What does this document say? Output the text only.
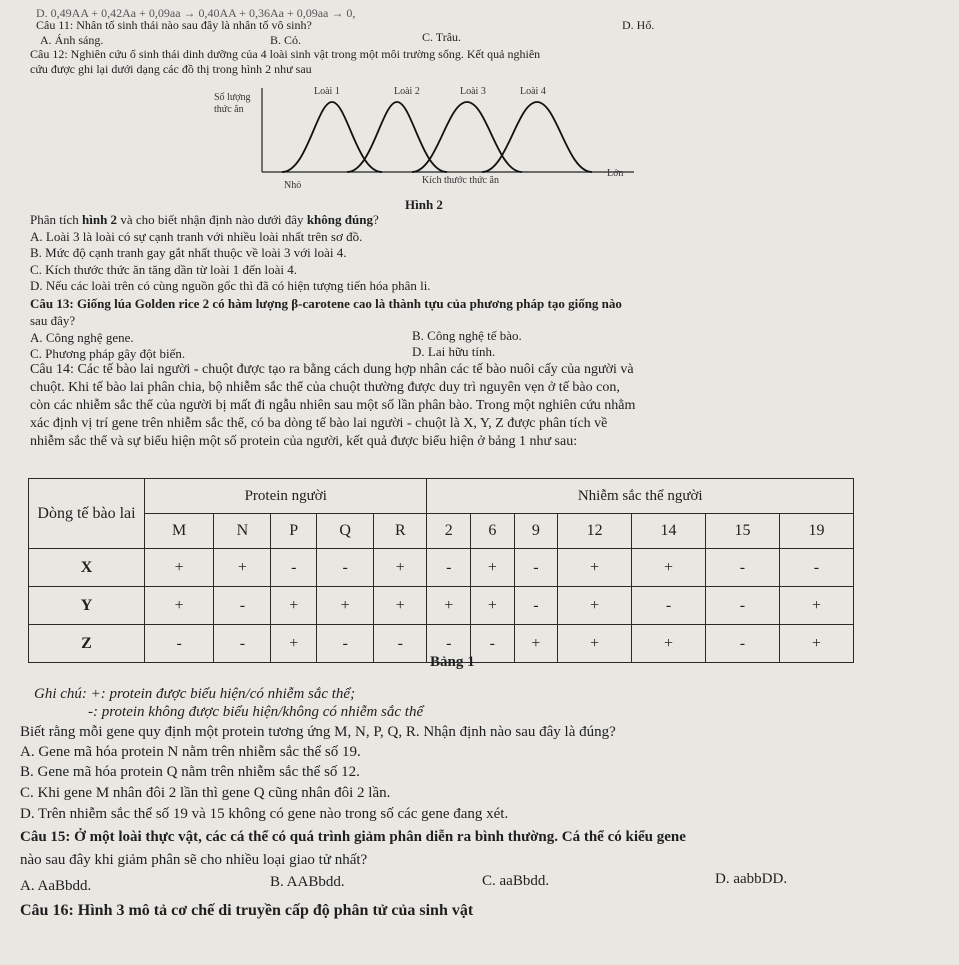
D. 0,49AA + 0,42Aa + 0,09aa → 0,40AA + 0,36Aa + 0,09aa → 0,
Câu 11: Nhân tố sinh thái nào sau đây là nhân tố vô sinh?	D. Hổ.
A. Ánh sáng.	B. Cỏ.	C. Trâu.
Câu 12: Nghiên cứu ổ sinh thái dinh dưỡng của 4 loài sinh vật trong một môi trường sống. Kết quả nghiên
cứu được ghi lại dưới dạng các đồ thị trong hình 2 như sau
Số lượng
thức ăn
Loài 1	Loài 2	Loài 3	Loài 4
Nhỏ	Kích thước thức ăn
Lớn
Hình 2
Phân tích hình 2 và cho biết nhận định nào dưới đây không đúng?
A. Loài 3 là loài có sự cạnh tranh với nhiều loài nhất trên sơ đồ.
B. Mức độ cạnh tranh gay gắt nhất thuộc về loài 3 với loài 4.
C. Kích thước thức ăn tăng dần từ loài 1 đến loài 4.
D. Nếu các loài trên có cùng nguồn gốc thì đã có hiện tượng tiến hóa phân li.
Câu 13: Giống lúa Golden rice 2 có hàm lượng β-carotene cao là thành tựu của phương pháp tạo giống nào
sau đây?
A. Công nghệ gene.	B. Công nghệ tế bào.
C. Phương pháp gây đột biến.	D. Lai hữu tính.
Câu 14: Các tế bào lai người - chuột được tạo ra bằng cách dung hợp nhân các tế bào nuôi cấy của người và
chuột. Khi tế bào lai phân chia, bộ nhiễm sắc thể của chuột thường được duy trì nguyên vẹn ở tế bào con,
còn các nhiễm sắc thể của người bị mất đi ngẫu nhiên sau một số lần phân bào. Trong một nghiên cứu nhằm
xác định vị trí gene trên nhiễm sắc thể, có ba dòng tế bào lai người - chuột là X, Y, Z được phân tích về
nhiễm sắc thể và sự biểu hiện một số protein của người, kết quả được biểu hiện ở bảng 1 như sau:
Dòng tế bào lai	Protein người					Nhiễm sắc thể người						
	M	N	P	Q	R	2	6	9	12	14	15	19
X	+	+	-	-	+	-	+	-	+	+	-	-
Y	+	-	+	+	+	+	+	-	+	-	-	+
Z	-	-	+	-	-	-	-	+	+	+	-	+
Bảng 1
Ghi chú: +: protein được biểu hiện/có nhiễm sắc thể;
-: protein không được biểu hiện/không có nhiễm sắc thể
Biết rằng mỗi gene quy định một protein tương ứng M, N, P, Q, R. Nhận định nào sau đây là đúng?
A. Gene mã hóa protein N nằm trên nhiễm sắc thể số 19.
B. Gene mã hóa protein Q nằm trên nhiễm sắc thể số 12.
C. Khi gene M nhân đôi 2 lần thì gene Q cũng nhân đôi 2 lần.
D. Trên nhiễm sắc thể số 19 và 15 không có gene nào trong số các gene đang xét.
Câu 15: Ở một loài thực vật, các cá thể có quá trình giảm phân diễn ra bình thường. Cá thể có kiểu gene
nào sau đây khi giảm phân sẽ cho nhiều loại giao tử nhất?
A. AaBbdd.	B. AABbdd.	C. aaBbdd.	D. aabbDD.
Câu 16: Hình 3 mô tả cơ chế di truyền cấp độ phân tử của sinh vật
